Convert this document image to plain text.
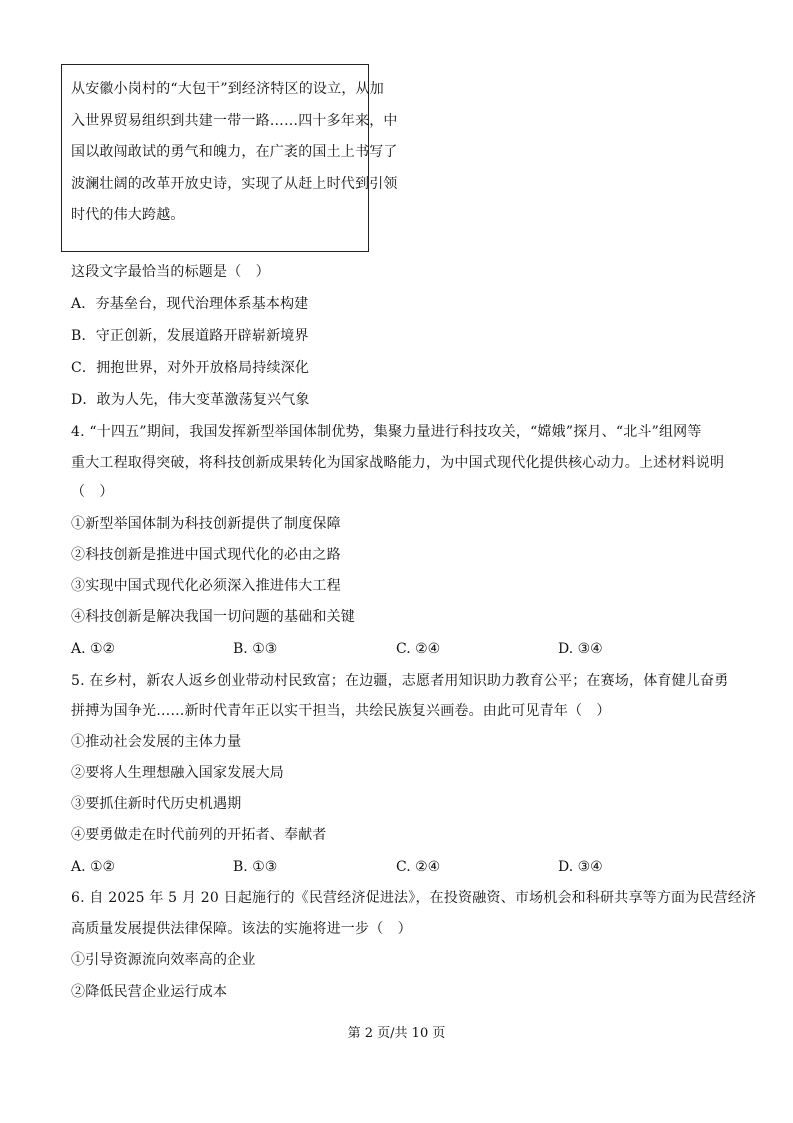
从安徽小岗村的“大包干”到经济特区的设立，从加
入世界贸易组织到共建一带一路……四十多年来，中
国以敢闯敢试的勇气和魄力，在广袤的国土上书写了
波澜壮阔的改革开放史诗，实现了从赶上时代到引领
时代的伟大跨越。
这段文字最恰当的标题是（　）
A．夯基垒台，现代治理体系基本构建
B．守正创新，发展道路开辟崭新境界
C．拥抱世界，对外开放格局持续深化
D．敢为人先，伟大变革激荡复兴气象
4. “十四五”期间，我国发挥新型举国体制优势，集聚力量进行科技攻关，“嫦娥”探月、“北斗”组网等
重大工程取得突破，将科技创新成果转化为国家战略能力，为中国式现代化提供核心动力。上述材料说明
（　）
①新型举国体制为科技创新提供了制度保障
②科技创新是推进中国式现代化的必由之路
③实现中国式现代化必须深入推进伟大工程
④科技创新是解决我国一切问题的基础和关键
A. ①②	B. ①③	C. ②④	D. ③④
5. 在乡村，新农人返乡创业带动村民致富；在边疆，志愿者用知识助力教育公平；在赛场，体育健儿奋勇
拼搏为国争光……新时代青年正以实干担当，共绘民族复兴画卷。由此可见青年（　）
①推动社会发展的主体力量
②要将人生理想融入国家发展大局
③要抓住新时代历史机遇期
④要勇做走在时代前列的开拓者、奉献者
A. ①②	B. ①③	C. ②④	D. ③④
6. 自 2025 年 5 月 20 日起施行的《民营经济促进法》，在投资融资、市场机会和科研共享等方面为民营经济
高质量发展提供法律保障。该法的实施将进一步（　）
①引导资源流向效率高的企业
②降低民营企业运行成本
第 2 页/共 10 页
